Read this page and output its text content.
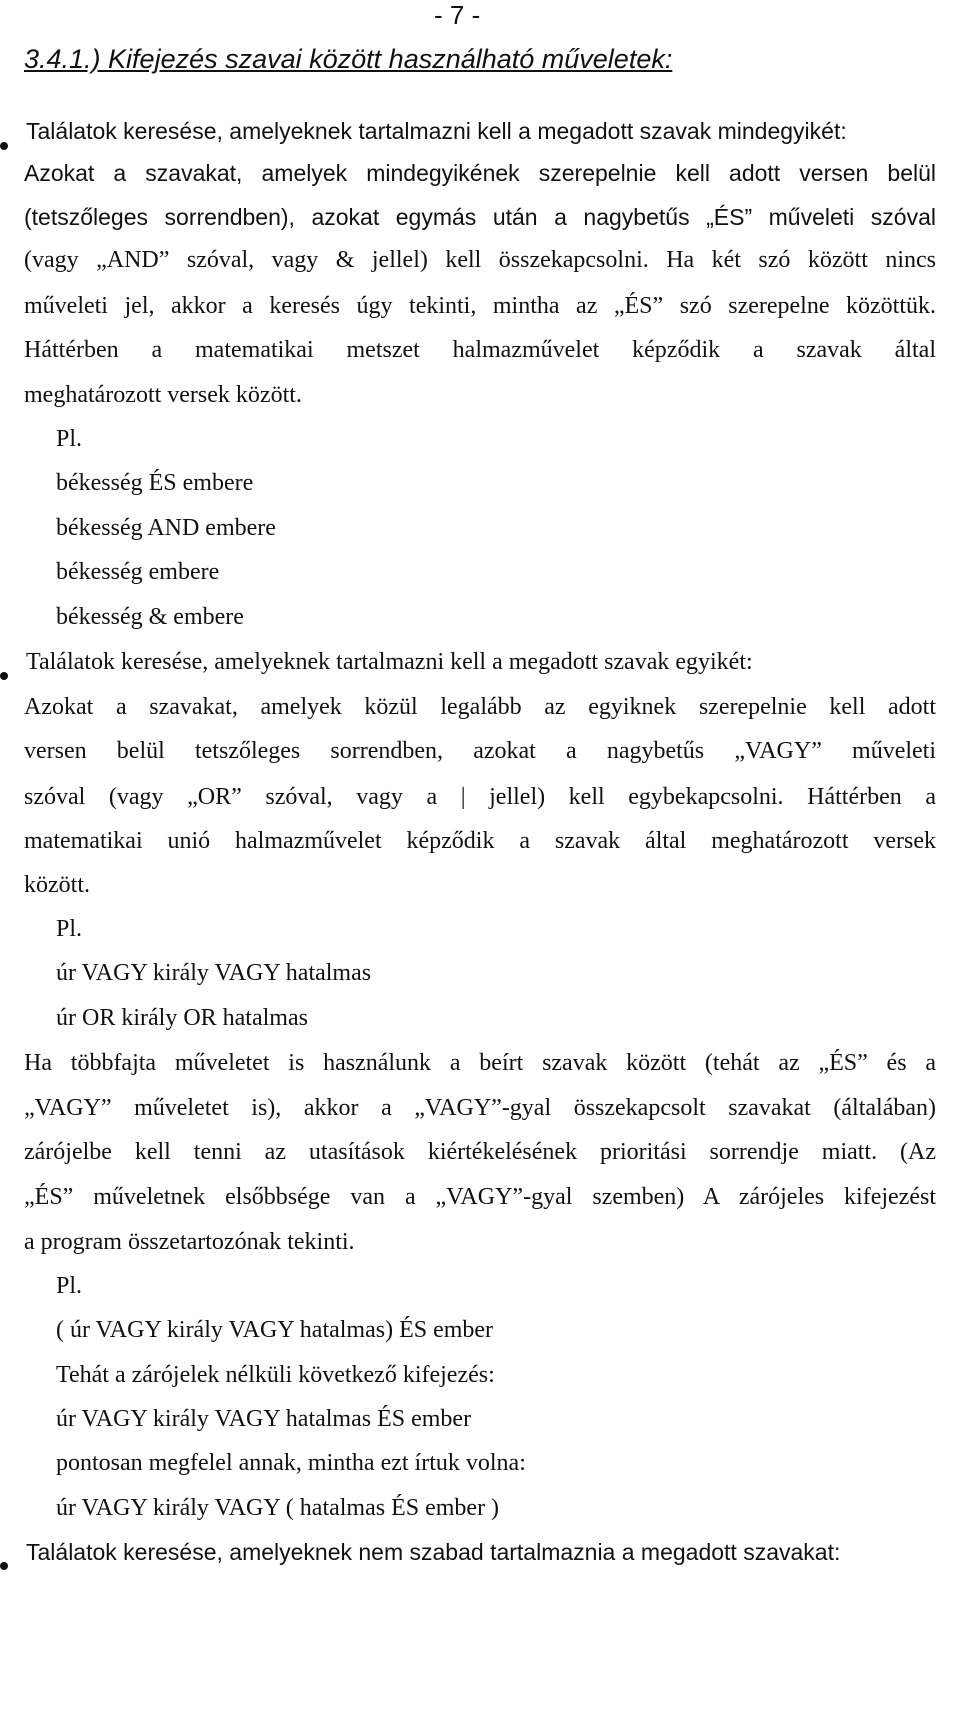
- 7 -
3.4.1.) Kifejezés szavai között használható műveletek:
Találatok keresése, amelyeknek tartalmazni kell a megadott szavak mindegyikét:
Azokat a szavakat, amelyek mindegyikének szerepelnie kell adott versen belül
(tetszőleges sorrendben), azokat egymás után a nagybetűs „ÉS” műveleti szóval
(vagy „AND” szóval, vagy & jellel) kell összekapcsolni. Ha két szó között nincs
műveleti jel, akkor a keresés úgy tekinti, mintha az „ÉS” szó szerepelne közöttük.
Háttérben a matematikai metszet halmazművelet képződik a szavak által
meghatározott versek között.
Pl.
békesség ÉS embere
békesség AND embere
békesség embere
békesség & embere
Találatok keresése, amelyeknek tartalmazni kell a megadott szavak egyikét:
Azokat a szavakat, amelyek közül legalább az egyiknek szerepelnie kell adott
versen belül tetszőleges sorrendben, azokat a nagybetűs „VAGY” műveleti
szóval (vagy „OR” szóval, vagy a | jellel) kell egybekapcsolni. Háttérben a
matematikai unió halmazművelet képződik a szavak által meghatározott versek
között.
Pl.
úr VAGY király VAGY hatalmas
úr OR király OR hatalmas
Ha többfajta műveletet is használunk a beírt szavak között (tehát az „ÉS” és a
„VAGY” műveletet is), akkor a „VAGY”-gyal összekapcsolt szavakat (általában)
zárójelbe kell tenni az utasítások kiértékelésének prioritási sorrendje miatt. (Az
„ÉS” műveletnek elsőbbsége van a „VAGY”-gyal szemben) A zárójeles kifejezést
a program összetartozónak tekinti.
Pl.
( úr VAGY király VAGY hatalmas) ÉS ember
Tehát a zárójelek nélküli következő kifejezés:
úr VAGY király VAGY hatalmas ÉS ember
pontosan megfelel annak, mintha ezt írtuk volna:
úr VAGY király VAGY ( hatalmas ÉS ember )
Találatok keresése, amelyeknek nem szabad tartalmaznia a megadott szavakat:
